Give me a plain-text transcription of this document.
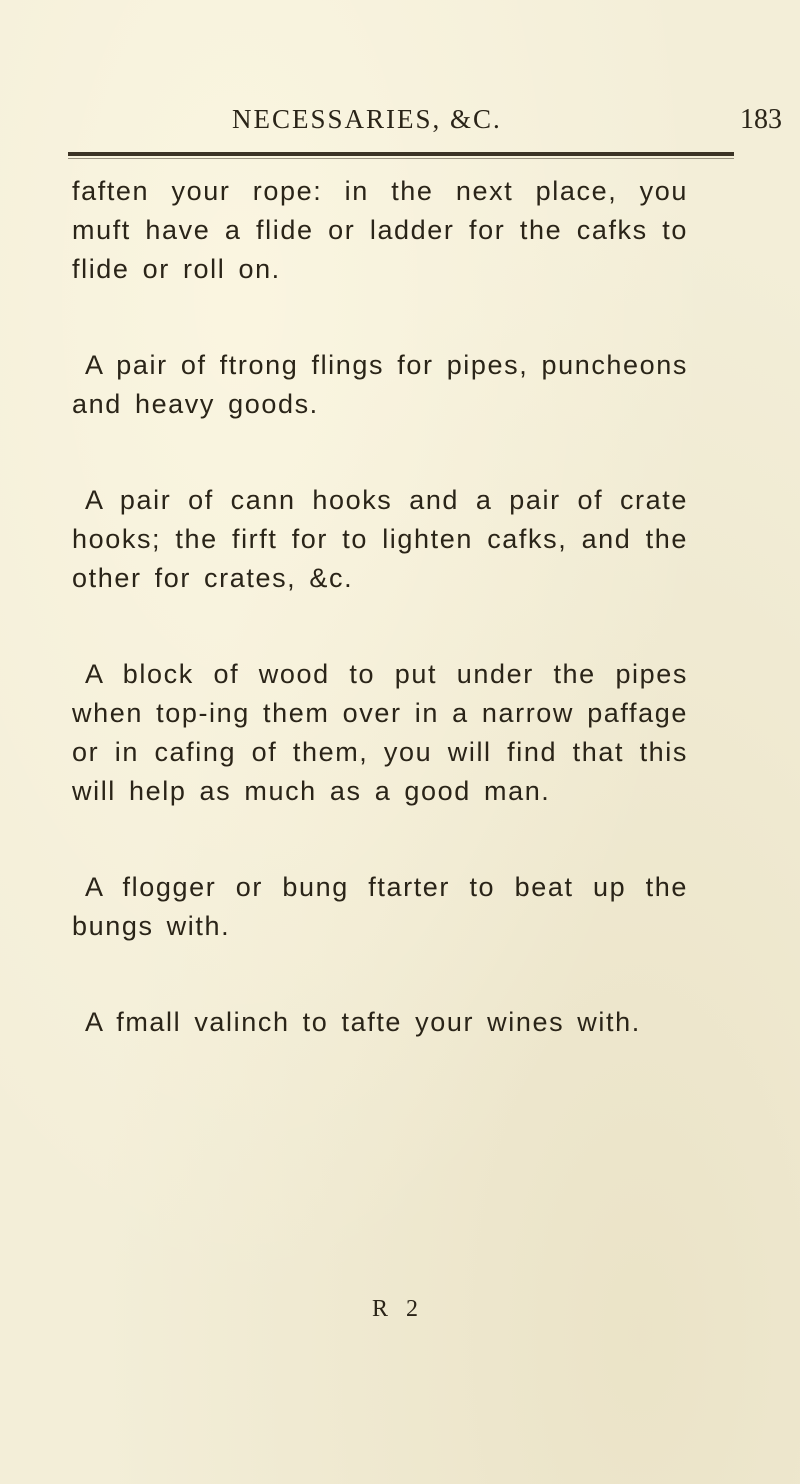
NECESSARIES, &C.	183

faften your rope: in the next place, you muft have a flide or ladder for the cafks to flide or roll on.

A pair of ftrong flings for pipes, puncheons and heavy goods.

A pair of cann hooks and a pair of crate hooks; the firft for to lighten cafks, and the other for crates, &c.

A block of wood to put under the pipes when top-ing them over in a narrow paffage or in cafing of them, you will find that this will help as much as a good man.

A flogger or bung ftarter to beat up the bungs with.

A fmall valinch to tafte your wines with.

R 2
